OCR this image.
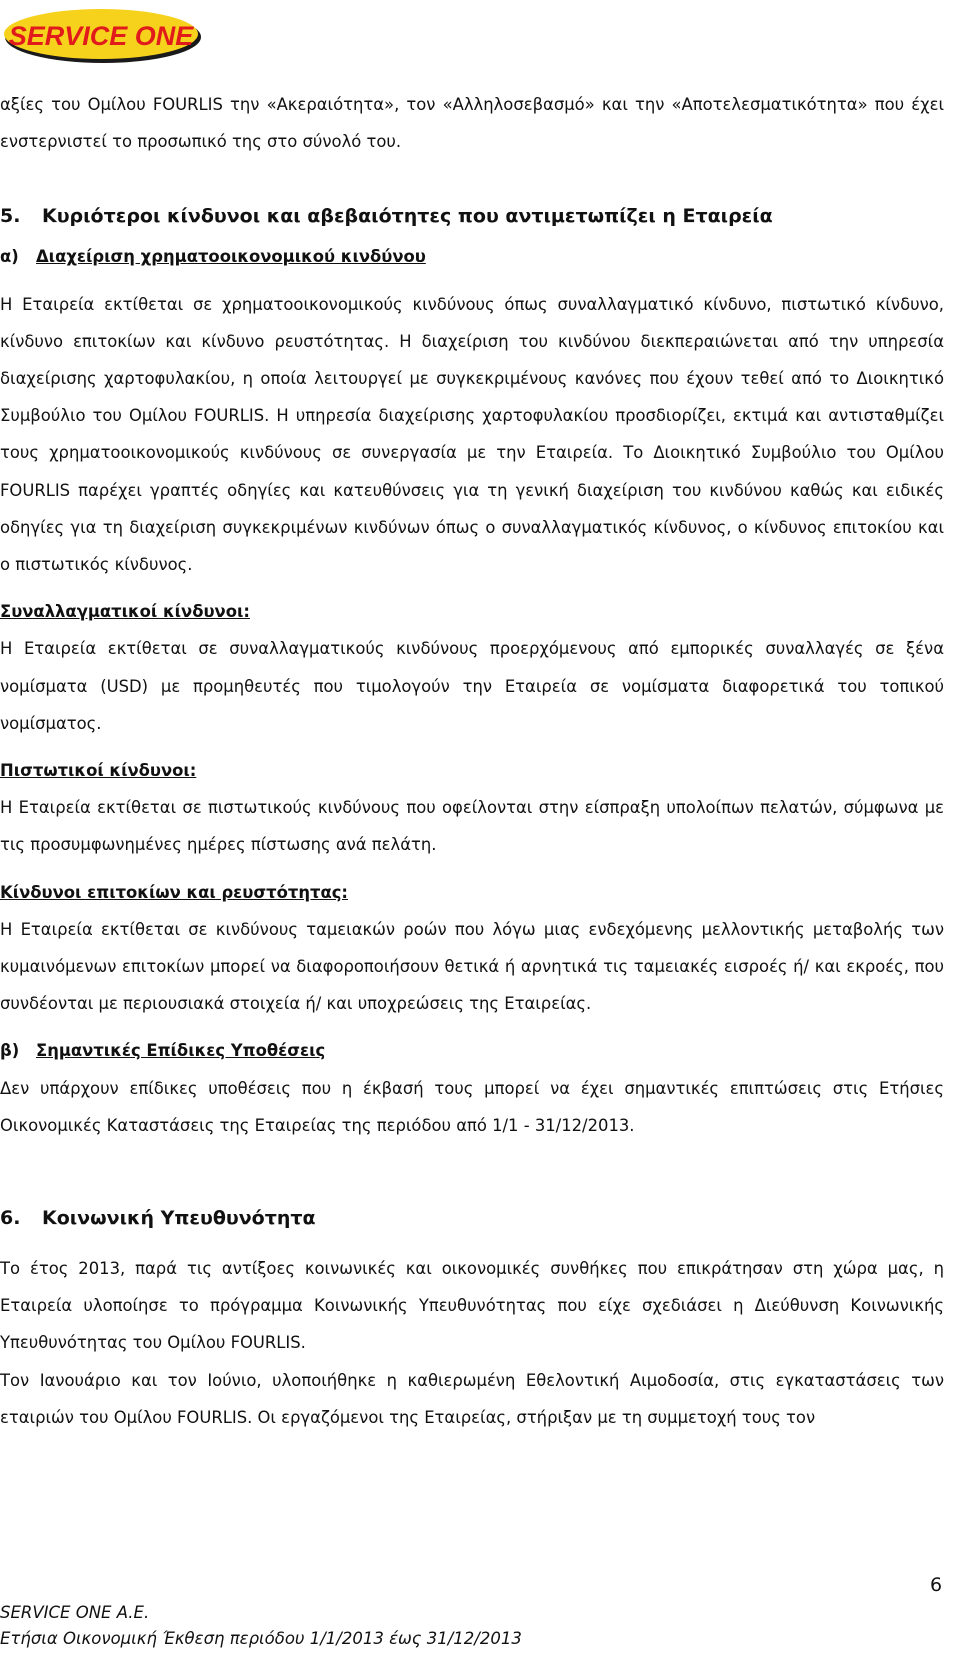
SERVICE ONE

αξίες του Ομίλου FOURLIS την «Ακεραιότητα», τον «Αλληλοσεβασμό» και την «Αποτελεσματικότητα» που έχει ενστερνιστεί το προσωπικό της στο σύνολό του.

5. Κυριότεροι κίνδυνοι και αβεβαιότητες που αντιμετωπίζει η Εταιρεία

α) Διαχείριση χρηματοοικονομικού κινδύνου

Η Εταιρεία εκτίθεται σε χρηματοοικονομικούς κινδύνους όπως συναλλαγματικό κίνδυνο, πιστωτικό κίνδυνο, κίνδυνο επιτοκίων και κίνδυνο ρευστότητας. Η διαχείριση του κινδύνου διεκπεραιώνεται από την υπηρεσία διαχείρισης χαρτοφυλακίου, η οποία λειτουργεί με συγκεκριμένους κανόνες που έχουν τεθεί από το Διοικητικό Συμβούλιο του Ομίλου FOURLIS. Η υπηρεσία διαχείρισης χαρτοφυλακίου προσδιορίζει, εκτιμά και αντισταθμίζει τους χρηματοοικονομικούς κινδύνους σε συνεργασία με την Εταιρεία. Το Διοικητικό Συμβούλιο του Ομίλου FOURLIS παρέχει γραπτές οδηγίες και κατευθύνσεις για τη γενική διαχείριση του κινδύνου καθώς και ειδικές οδηγίες για τη διαχείριση συγκεκριμένων κινδύνων όπως ο συναλλαγματικός κίνδυνος, ο κίνδυνος επιτοκίου και ο πιστωτικός κίνδυνος.

Συναλλαγματικοί κίνδυνοι:

Η Εταιρεία εκτίθεται σε συναλλαγματικούς κινδύνους προερχόμενους από εμπορικές συναλλαγές σε ξένα νομίσματα (USD) με προμηθευτές που τιμολογούν την Εταιρεία σε νομίσματα διαφορετικά του τοπικού νομίσματος.

Πιστωτικοί κίνδυνοι:

Η Εταιρεία εκτίθεται σε πιστωτικούς κινδύνους που οφείλονται στην είσπραξη υπολοίπων πελατών, σύμφωνα με τις προσυμφωνημένες ημέρες πίστωσης ανά πελάτη.

Κίνδυνοι επιτοκίων και ρευστότητας:

Η Εταιρεία εκτίθεται σε κινδύνους ταμειακών ροών που λόγω μιας ενδεχόμενης μελλοντικής μεταβολής των κυμαινόμενων επιτοκίων μπορεί να διαφοροποιήσουν θετικά ή αρνητικά τις ταμειακές εισροές ή/ και εκροές, που συνδέονται με περιουσιακά στοιχεία ή/ και υποχρεώσεις της Εταιρείας.

β) Σημαντικές Επίδικες Υποθέσεις

Δεν υπάρχουν επίδικες υποθέσεις που η έκβασή τους μπορεί να έχει σημαντικές επιπτώσεις στις Ετήσιες Οικονομικές Καταστάσεις της Εταιρείας της περιόδου από 1/1 - 31/12/2013.

6. Κοινωνική Υπευθυνότητα

Το έτος 2013, παρά τις αντίξοες κοινωνικές και οικονομικές συνθήκες που επικράτησαν στη χώρα μας, η Εταιρεία υλοποίησε το πρόγραμμα Κοινωνικής Υπευθυνότητας που είχε σχεδιάσει η Διεύθυνση Κοινωνικής Υπευθυνότητας του Ομίλου FOURLIS.

Τον Ιανουάριο και τον Ιούνιο, υλοποιήθηκε η καθιερωμένη Εθελοντική Αιμοδοσία, στις εγκαταστάσεις των εταιριών του Ομίλου FOURLIS. Οι εργαζόμενοι της Εταιρείας, στήριξαν με τη συμμετοχή τους τον

6
SERVICE ONE A.E.
Ετήσια Οικονομική Έκθεση περιόδου 1/1/2013 έως 31/12/2013
